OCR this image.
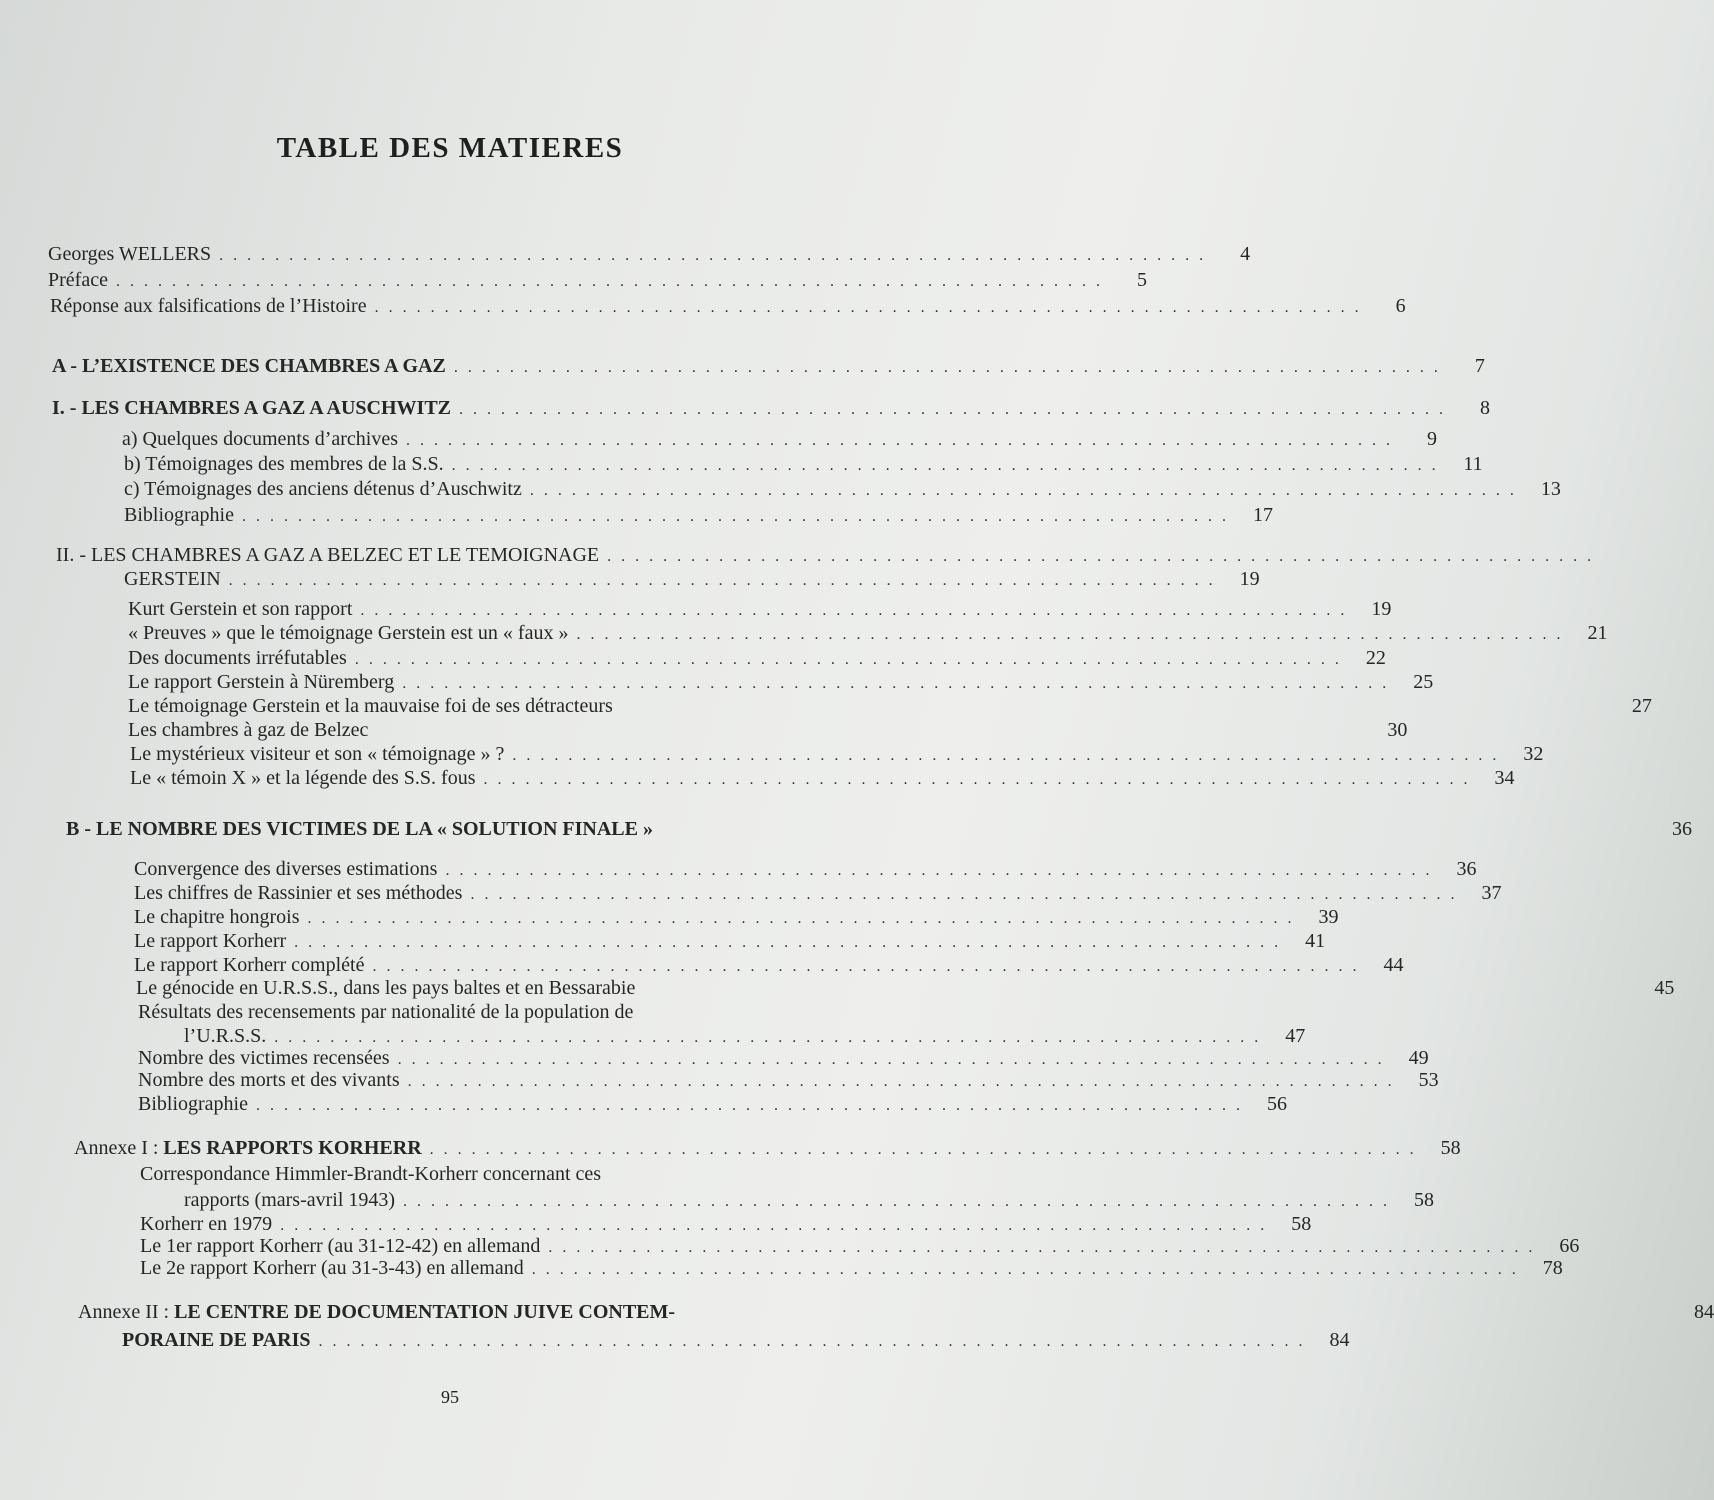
TABLE DES MATIERES
Georges WELLERS . . . . . . . . . . . . . . . . . . . . . . . . . . . . . . . . . . . . . . . . . . . . . . . . . . . . . . . . . . . . . . . . . . . . . . .	4
Préface . . . . . . . . . . . . . . . . . . . . . . . . . . . . . . . . . . . . . . . . . . . . . . . . . . . . . . . . . . . . . . . . . . . . . . .	5
Réponse aux falsifications de l’Histoire . . . . . . . . . . . . . . . . . . . . . . . . . . . . . . . . . . . . . . . . . . . . . . . . . . . . . . . . . . . . . . . . . . . . . . .	6
A - L’EXISTENCE DES CHAMBRES A GAZ . . . . . . . . . . . . . . . . . . . . . . . . . . . . . . . . . . . . . . . . . . . . . . . . . . . . . . . . . . . . . . . . . . . . . . .	7
I. - LES CHAMBRES A GAZ A AUSCHWITZ . . . . . . . . . . . . . . . . . . . . . . . . . . . . . . . . . . . . . . . . . . . . . . . . . . . . . . . . . . . . . . . . . . . . . . .	8
a) Quelques documents d’archives . . . . . . . . . . . . . . . . . . . . . . . . . . . . . . . . . . . . . . . . . . . . . . . . . . . . . . . . . . . . . . . . . . . . . . .	9
b) Témoignages des membres de la S.S. . . . . . . . . . . . . . . . . . . . . . . . . . . . . . . . . . . . . . . . . . . . . . . . . . . . . . . . . . . . . . . . . . . . . . . .	11
c) Témoignages des anciens détenus d’Auschwitz . . . . . . . . . . . . . . . . . . . . . . . . . . . . . . . . . . . . . . . . . . . . . . . . . . . . . . . . . . . . . . . . . . . . . . .	13
Bibliographie . . . . . . . . . . . . . . . . . . . . . . . . . . . . . . . . . . . . . . . . . . . . . . . . . . . . . . . . . . . . . . . . . . . . . . .	17
II. - LES CHAMBRES A GAZ A BELZEC ET LE TEMOIGNAGE . . . . . . . . . . . . . . . . . . . . . . . . . . . . . . . . . . . . . . . . . . . . . . . . . . . . . . . . . . . . . . . . . . . . . . .
GERSTEIN . . . . . . . . . . . . . . . . . . . . . . . . . . . . . . . . . . . . . . . . . . . . . . . . . . . . . . . . . . . . . . . . . . . . . . .	19
Kurt Gerstein et son rapport . . . . . . . . . . . . . . . . . . . . . . . . . . . . . . . . . . . . . . . . . . . . . . . . . . . . . . . . . . . . . . . . . . . . . . .	19
« Preuves » que le témoignage Gerstein est un « faux » . . . . . . . . . . . . . . . . . . . . . . . . . . . . . . . . . . . . . . . . . . . . . . . . . . . . . . . . . . . . . . . . . . . . . . .	21
Des documents irréfutables . . . . . . . . . . . . . . . . . . . . . . . . . . . . . . . . . . . . . . . . . . . . . . . . . . . . . . . . . . . . . . . . . . . . . . .	22
Le rapport Gerstein à Nüremberg . . . . . . . . . . . . . . . . . . . . . . . . . . . . . . . . . . . . . . . . . . . . . . . . . . . . . . . . . . . . . . . . . . . . . . .	25
Le témoignage Gerstein et la mauvaise foi de ses détracteurs	27
Les chambres à gaz de Belzec	30
Le mystérieux visiteur et son « témoignage » ? . . . . . . . . . . . . . . . . . . . . . . . . . . . . . . . . . . . . . . . . . . . . . . . . . . . . . . . . . . . . . . . . . . . . . . .	32
Le « témoin X » et la légende des S.S. fous . . . . . . . . . . . . . . . . . . . . . . . . . . . . . . . . . . . . . . . . . . . . . . . . . . . . . . . . . . . . . . . . . . . . . . .	34
B - LE NOMBRE DES VICTIMES DE LA « SOLUTION FINALE »	36
Convergence des diverses estimations . . . . . . . . . . . . . . . . . . . . . . . . . . . . . . . . . . . . . . . . . . . . . . . . . . . . . . . . . . . . . . . . . . . . . . .	36
Les chiffres de Rassinier et ses méthodes . . . . . . . . . . . . . . . . . . . . . . . . . . . . . . . . . . . . . . . . . . . . . . . . . . . . . . . . . . . . . . . . . . . . . . .	37
Le chapitre hongrois . . . . . . . . . . . . . . . . . . . . . . . . . . . . . . . . . . . . . . . . . . . . . . . . . . . . . . . . . . . . . . . . . . . . . . .	39
Le rapport Korherr . . . . . . . . . . . . . . . . . . . . . . . . . . . . . . . . . . . . . . . . . . . . . . . . . . . . . . . . . . . . . . . . . . . . . . .	41
Le rapport Korherr complété . . . . . . . . . . . . . . . . . . . . . . . . . . . . . . . . . . . . . . . . . . . . . . . . . . . . . . . . . . . . . . . . . . . . . . .	44
Le génocide en U.R.S.S., dans les pays baltes et en Bessarabie	45
Résultats des recensements par nationalité de la population de
l’U.R.S.S. . . . . . . . . . . . . . . . . . . . . . . . . . . . . . . . . . . . . . . . . . . . . . . . . . . . . . . . . . . . . . . . . . . . . . . .	47
Nombre des victimes recensées . . . . . . . . . . . . . . . . . . . . . . . . . . . . . . . . . . . . . . . . . . . . . . . . . . . . . . . . . . . . . . . . . . . . . . .	49
Nombre des morts et des vivants . . . . . . . . . . . . . . . . . . . . . . . . . . . . . . . . . . . . . . . . . . . . . . . . . . . . . . . . . . . . . . . . . . . . . . .	53
Bibliographie . . . . . . . . . . . . . . . . . . . . . . . . . . . . . . . . . . . . . . . . . . . . . . . . . . . . . . . . . . . . . . . . . . . . . . .	56
Annexe I : LES RAPPORTS KORHERR . . . . . . . . . . . . . . . . . . . . . . . . . . . . . . . . . . . . . . . . . . . . . . . . . . . . . . . . . . . . . . . . . . . . . . .	58
Correspondance Himmler-Brandt-Korherr concernant ces
rapports (mars-avril 1943) . . . . . . . . . . . . . . . . . . . . . . . . . . . . . . . . . . . . . . . . . . . . . . . . . . . . . . . . . . . . . . . . . . . . . . .	58
Korherr en 1979 . . . . . . . . . . . . . . . . . . . . . . . . . . . . . . . . . . . . . . . . . . . . . . . . . . . . . . . . . . . . . . . . . . . . . . .	58
Le 1er rapport Korherr (au 31-12-42) en allemand . . . . . . . . . . . . . . . . . . . . . . . . . . . . . . . . . . . . . . . . . . . . . . . . . . . . . . . . . . . . . . . . . . . . . . .	66
Le 2e rapport Korherr (au 31-3-43) en allemand . . . . . . . . . . . . . . . . . . . . . . . . . . . . . . . . . . . . . . . . . . . . . . . . . . . . . . . . . . . . . . . . . . . . . . .	78
Annexe II : LE CENTRE DE DOCUMENTATION JUIVE CONTEM-	84
PORAINE DE PARIS . . . . . . . . . . . . . . . . . . . . . . . . . . . . . . . . . . . . . . . . . . . . . . . . . . . . . . . . . . . . . . . . . . . . . . .	84
95
